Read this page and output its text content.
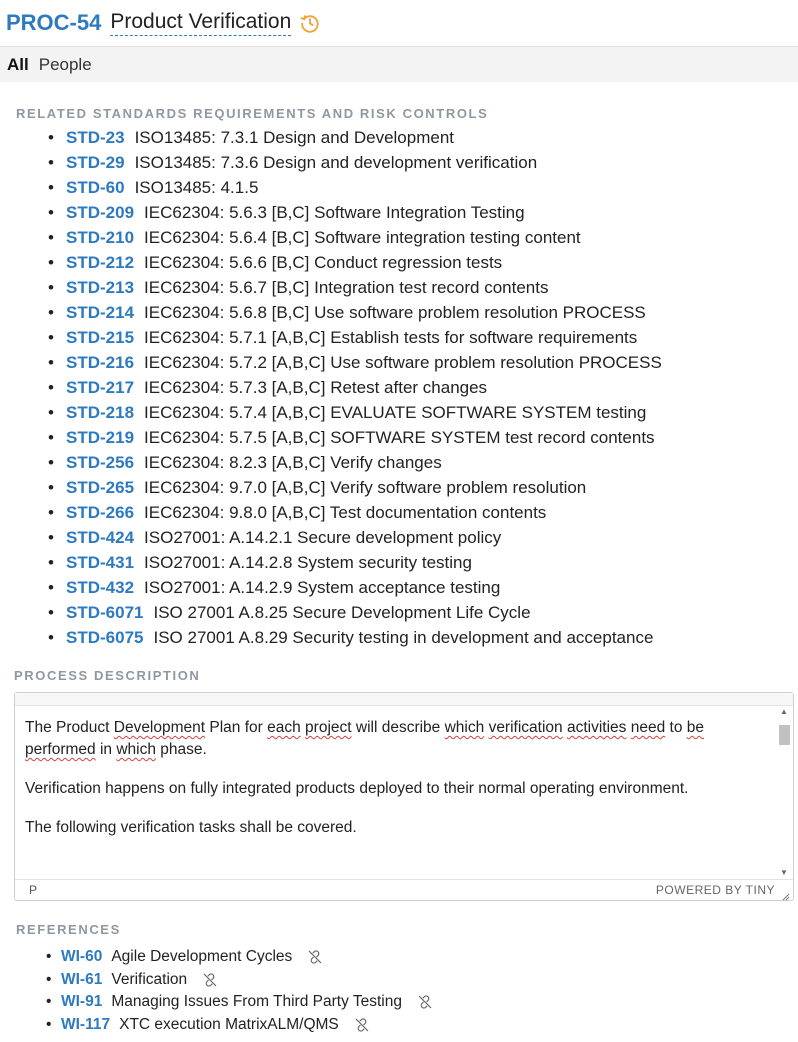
PROC-54 Product Verification
All People
RELATED STANDARDS REQUIREMENTS AND RISK CONTROLS
• STD-23 ISO13485: 7.3.1 Design and Development
• STD-29 ISO13485: 7.3.6 Design and development verification
• STD-60 ISO13485: 4.1.5
• STD-209 IEC62304: 5.6.3 [B,C] Software Integration Testing
• STD-210 IEC62304: 5.6.4 [B,C] Software integration testing content
• STD-212 IEC62304: 5.6.6 [B,C] Conduct regression tests
• STD-213 IEC62304: 5.6.7 [B,C] Integration test record contents
• STD-214 IEC62304: 5.6.8 [B,C] Use software problem resolution PROCESS
• STD-215 IEC62304: 5.7.1 [A,B,C] Establish tests for software requirements
• STD-216 IEC62304: 5.7.2 [A,B,C] Use software problem resolution PROCESS
• STD-217 IEC62304: 5.7.3 [A,B,C] Retest after changes
• STD-218 IEC62304: 5.7.4 [A,B,C] EVALUATE SOFTWARE SYSTEM testing
• STD-219 IEC62304: 5.7.5 [A,B,C] SOFTWARE SYSTEM test record contents
• STD-256 IEC62304: 8.2.3 [A,B,C] Verify changes
• STD-265 IEC62304: 9.7.0 [A,B,C] Verify software problem resolution
• STD-266 IEC62304: 9.8.0 [A,B,C] Test documentation contents
• STD-424 ISO27001: A.14.2.1 Secure development policy
• STD-431 ISO27001: A.14.2.8 System security testing
• STD-432 ISO27001: A.14.2.9 System acceptance testing
• STD-6071 ISO 27001 A.8.25 Secure Development Life Cycle
• STD-6075 ISO 27001 A.8.29 Security testing in development and acceptance
PROCESS DESCRIPTION

The Product Development Plan for each project will describe which verification activities need to be performed in which phase.

Verification happens on fully integrated products deployed to their normal operating environment.

The following verification tasks shall be covered.

▲
▼
P	POWERED BY TINY
REFERENCES
• WI-60 Agile Development Cycles
• WI-61 Verification
• WI-91 Managing Issues From Third Party Testing
• WI-117 XTC execution MatrixALM/QMS
